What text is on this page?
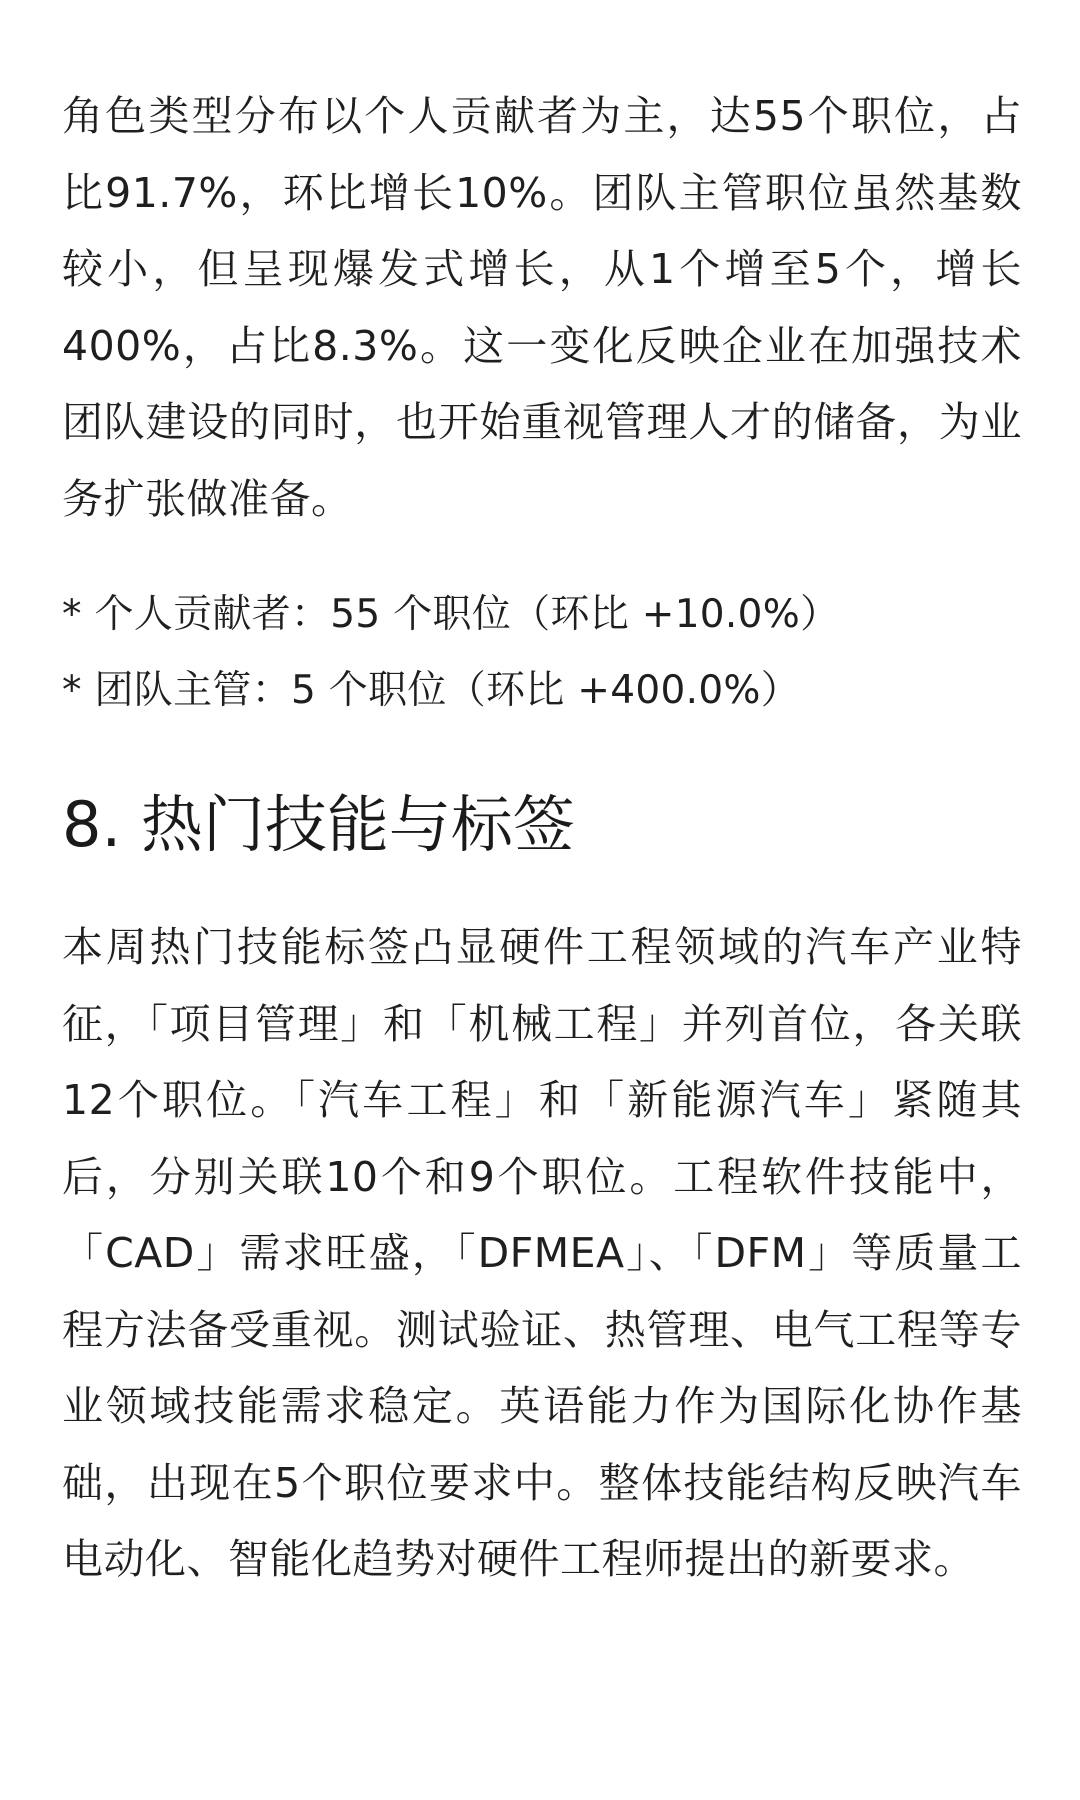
角色类型分布以个人贡献者为主，达55个职位，占比91.7%，环比增长10%。团队主管职位虽然基数较小，但呈现爆发式增长，从1个增至5个，增长400%，占比8.3%。这一变化反映企业在加强技术团队建设的同时，也开始重视管理人才的储备，为业务扩张做准备。

* 个人贡献者：55 个职位（环比 +10.0%）
* 团队主管：5 个职位（环比 +400.0%）
8. 热门技能与标签

本周热门技能标签凸显硬件工程领域的汽车产业特征，「项目管理」和「机械工程」并列首位，各关联12个职位。「汽车工程」和「新能源汽车」紧随其后，分别关联10个和9个职位。工程软件技能中，「CAD」需求旺盛，「DFMEA」、「DFM」等质量工程方法备受重视。测试验证、热管理、电气工程等专业领域技能需求稳定。英语能力作为国际化协作基础，出现在5个职位要求中。整体技能结构反映汽车电动化、智能化趋势对硬件工程师提出的新要求。
